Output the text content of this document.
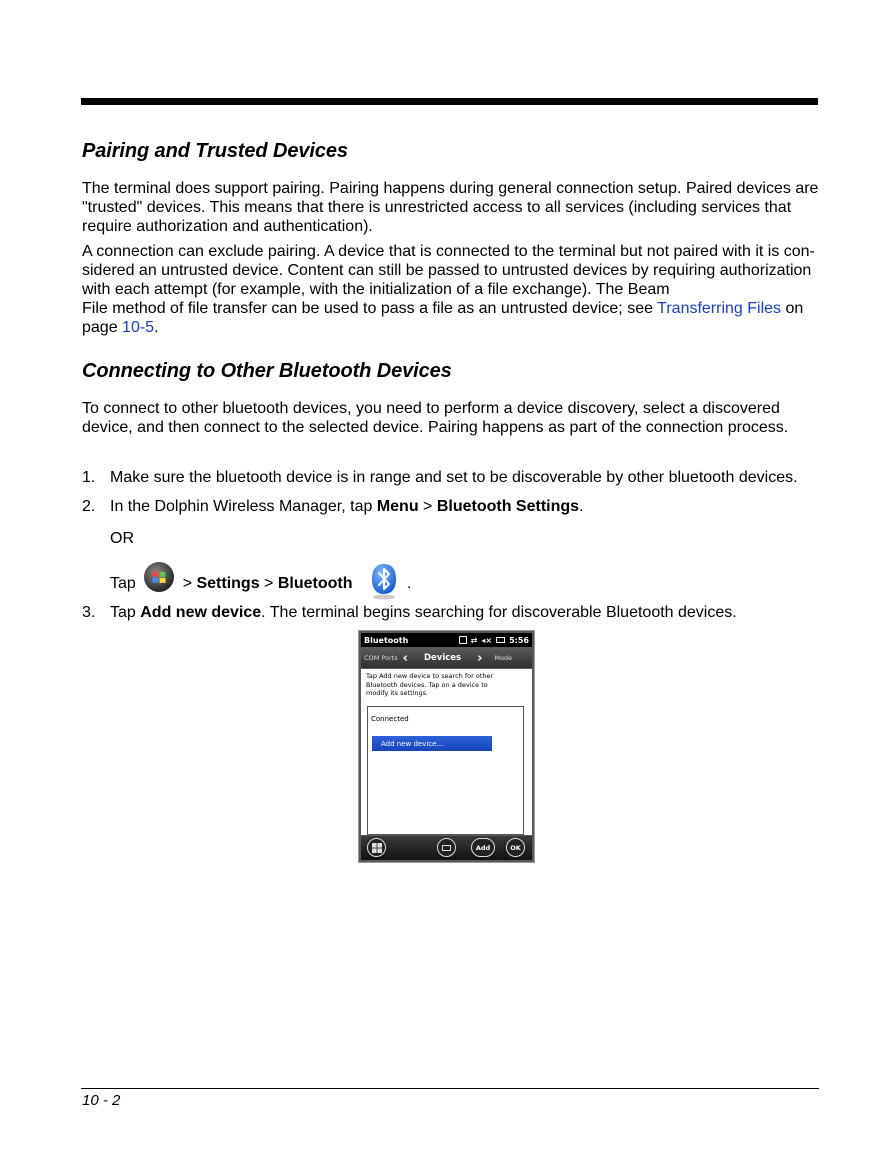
Pairing and Trusted Devices
The terminal does support pairing. Pairing happens during general connection setup. Paired devices are
"trusted" devices. This means that there is unrestricted access to all services (including services that
require authorization and authentication).
A connection can exclude pairing. A device that is connected to the terminal but not paired with it is con-
sidered an untrusted device. Content can still be passed to untrusted devices by requiring authorization
with each attempt (for example, with the initialization of a file exchange). The Beam
File method of file transfer can be used to pass a file as an untrusted device; see Transferring Files on
page 10-5.
Connecting to Other Bluetooth Devices
To connect to other bluetooth devices, you need to perform a device discovery, select a discovered
device, and then connect to the selected device. Pairing happens as part of the connection process.
1. Make sure the bluetooth device is in range and set to be discoverable by other bluetooth devices.
2. In the Dolphin Wireless Manager, tap Menu > Bluetooth Settings.
OR
Tap	> Settings > Bluetooth	.
3. Tap Add new device. The terminal begins searching for discoverable Bluetooth devices.
Bluetooth	⇄ ◂× 5:56
COM Ports ‹ Devices › Mode
Tap Add new device to search for other
Bluetooth devices. Tap on a device to
modify its settings.
Connected
Add new device...
Add	OK
10 - 2
